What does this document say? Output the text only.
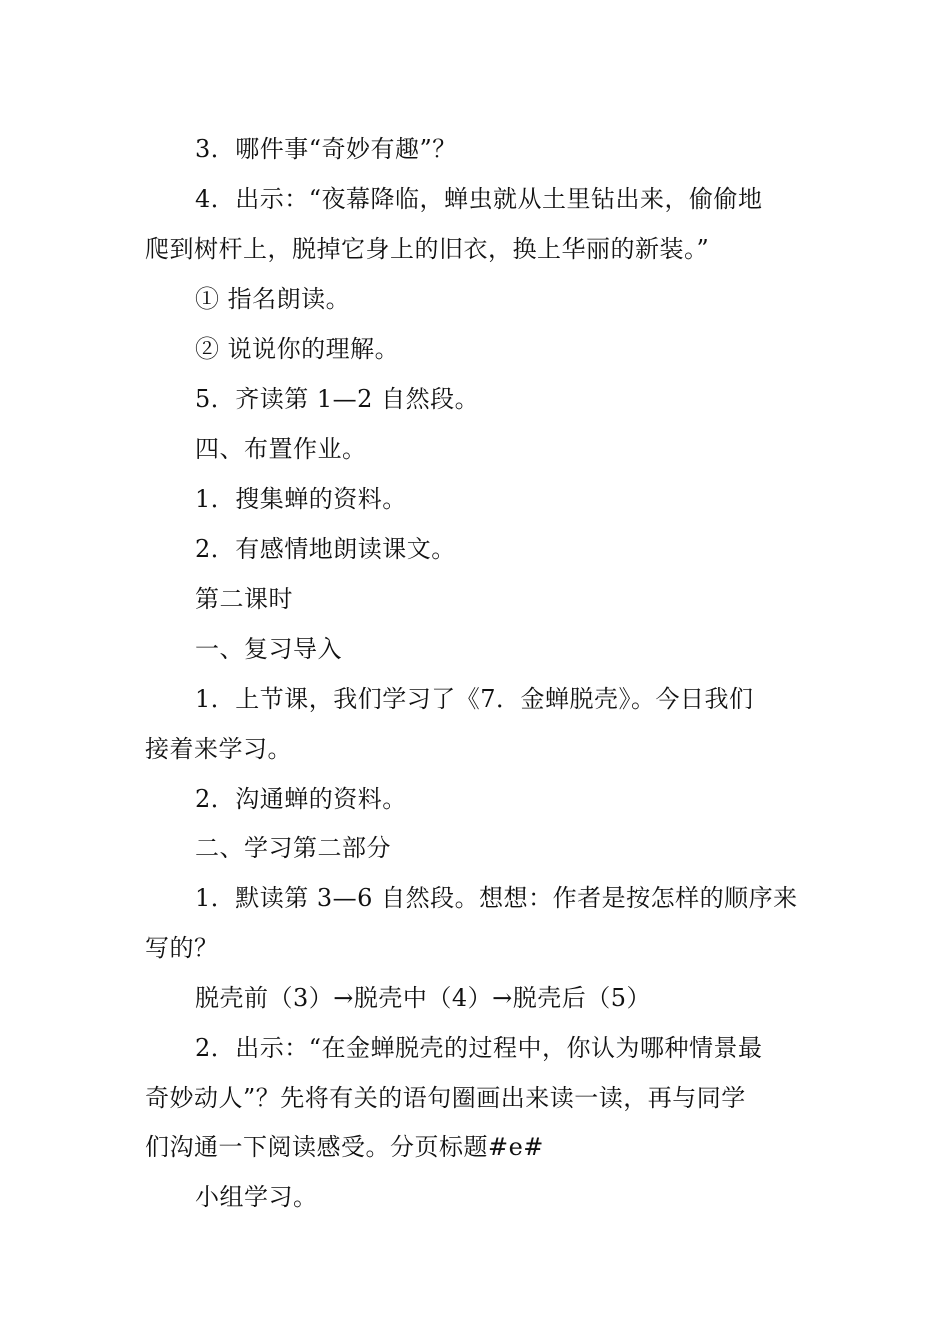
3．哪件事“奇妙有趣”？
4．出示：“夜幕降临，蝉虫就从土里钻出来，偷偷地
爬到树杆上，脱掉它身上的旧衣，换上华丽的新装。”
① 指名朗读。
② 说说你的理解。
5．齐读第 1—2 自然段。
四、布置作业。
1．搜集蝉的资料。
2．有感情地朗读课文。
第二课时
一、复习导入
1．上节课，我们学习了《7．金蝉脱壳》。今日我们
接着来学习。
2．沟通蝉的资料。
二、学习第二部分
1．默读第 3—6 自然段。想想：作者是按怎样的顺序来
写的？
脱壳前（3）→脱壳中（4）→脱壳后（5）
2．出示：“在金蝉脱壳的过程中，你认为哪种情景最
奇妙动人”？先将有关的语句圈画出来读一读，再与同学
们沟通一下阅读感受。分页标题#e#
小组学习。
